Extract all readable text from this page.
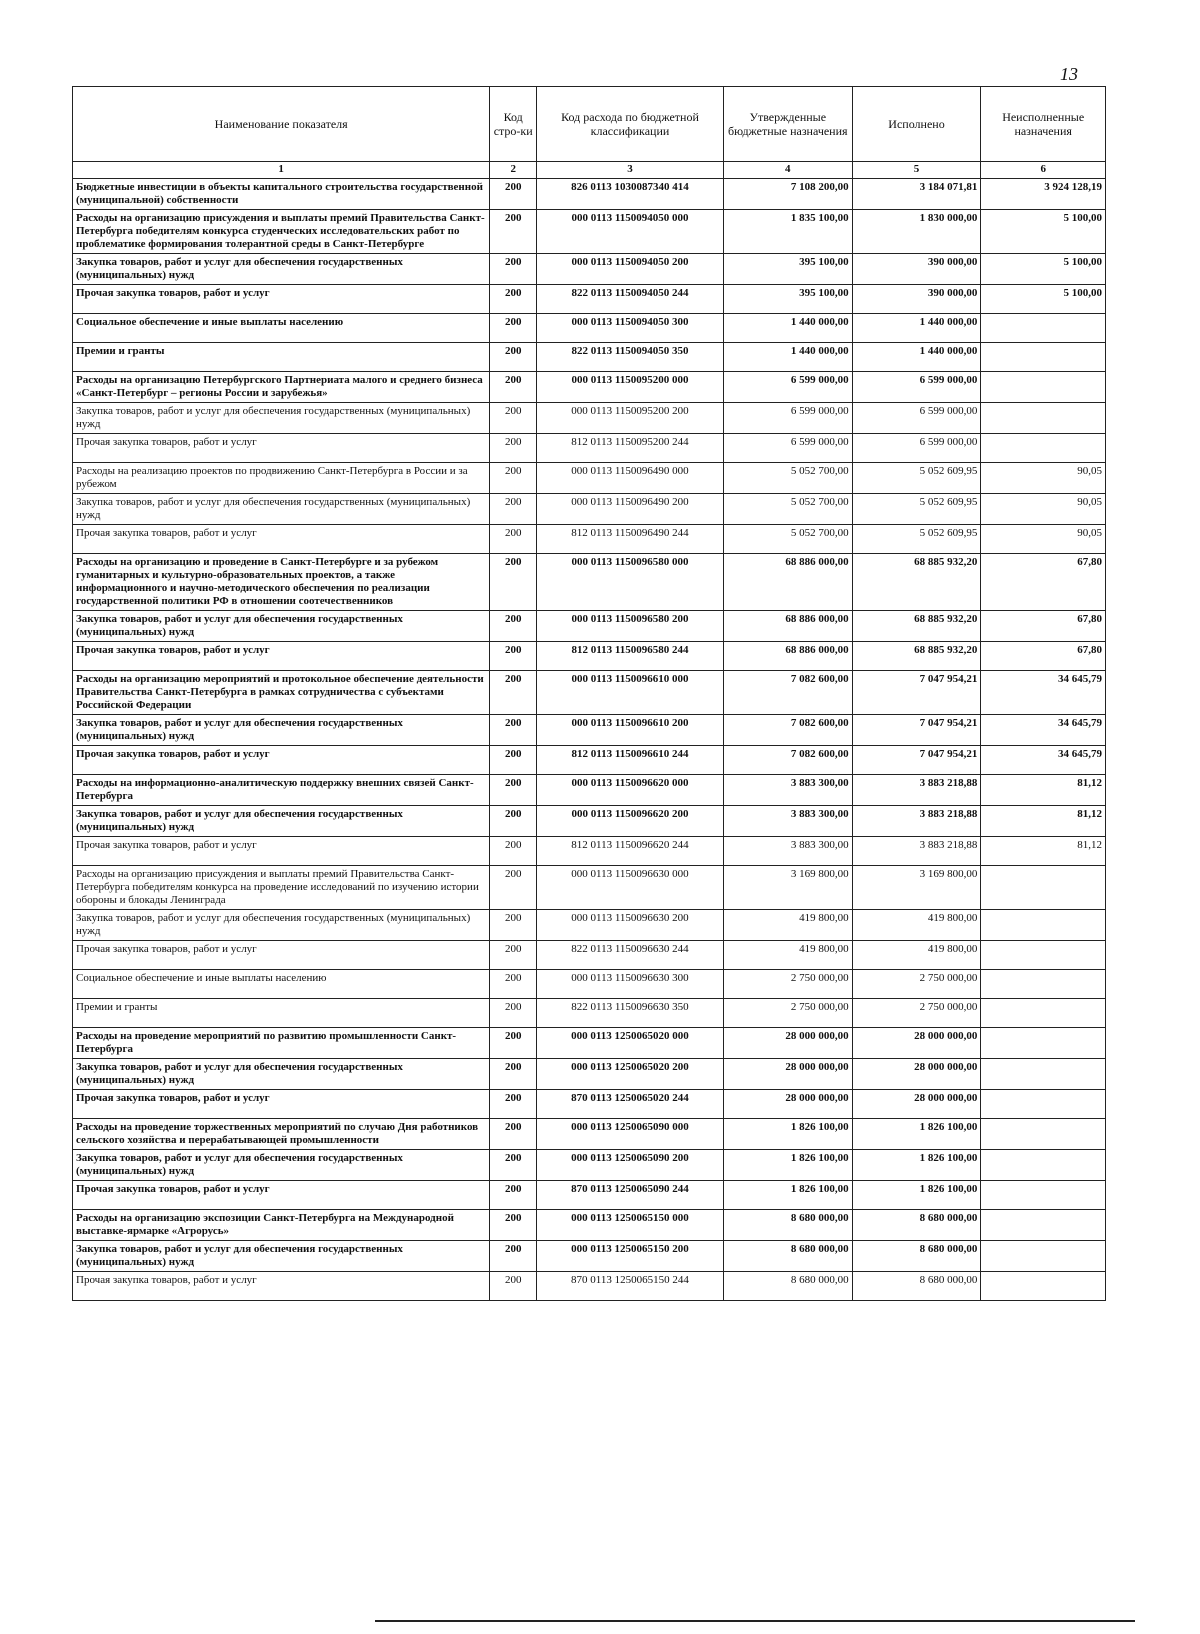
13
Наименование показателя	Код стро-ки	Код расхода по бюджетной классификации	Утвержденные бюджетные назначения	Исполнено	Неисполненные назначения
1	2	3	4	5	6
Бюджетные инвестиции в объекты капитального строительства государственной (муниципальной) собственности	200	826 0113 1030087340 414	7 108 200,00	3 184 071,81	3 924 128,19
Расходы на организацию присуждения и выплаты премий Правительства Санкт-Петербурга победителям конкурса студенческих исследовательских работ по проблематике формирования толерантной среды в Санкт-Петербурге	200	000 0113 1150094050 000	1 835 100,00	1 830 000,00	5 100,00
Закупка товаров, работ и услуг для обеспечения государственных (муниципальных) нужд	200	000 0113 1150094050 200	395 100,00	390 000,00	5 100,00
Прочая закупка товаров, работ и услуг	200	822 0113 1150094050 244	395 100,00	390 000,00	5 100,00
Социальное обеспечение и иные выплаты населению	200	000 0113 1150094050 300	1 440 000,00	1 440 000,00	
Премии и гранты	200	822 0113 1150094050 350	1 440 000,00	1 440 000,00	
Расходы на организацию Петербургского Партнериата малого и среднего бизнеса «Санкт-Петербург – регионы России и зарубежья»	200	000 0113 1150095200 000	6 599 000,00	6 599 000,00	
Закупка товаров, работ и услуг для обеспечения государственных (муниципальных) нужд	200	000 0113 1150095200 200	6 599 000,00	6 599 000,00	
Прочая закупка товаров, работ и услуг	200	812 0113 1150095200 244	6 599 000,00	6 599 000,00	
Расходы на реализацию проектов по продвижению Санкт-Петербурга в России и за рубежом	200	000 0113 1150096490 000	5 052 700,00	5 052 609,95	90,05
Закупка товаров, работ и услуг для обеспечения государственных (муниципальных) нужд	200	000 0113 1150096490 200	5 052 700,00	5 052 609,95	90,05
Прочая закупка товаров, работ и услуг	200	812 0113 1150096490 244	5 052 700,00	5 052 609,95	90,05
Расходы на организацию и проведение в Санкт-Петербурге и за рубежом гуманитарных и культурно-образовательных проектов, а также информационного и научно-методического обеспечения по реализации государственной политики РФ в отношении соотечественников	200	000 0113 1150096580 000	68 886 000,00	68 885 932,20	67,80
Закупка товаров, работ и услуг для обеспечения государственных (муниципальных) нужд	200	000 0113 1150096580 200	68 886 000,00	68 885 932,20	67,80
Прочая закупка товаров, работ и услуг	200	812 0113 1150096580 244	68 886 000,00	68 885 932,20	67,80
Расходы на организацию мероприятий и протокольное обеспечение деятельности Правительства Санкт-Петербурга в рамках сотрудничества с субъектами Российской Федерации	200	000 0113 1150096610 000	7 082 600,00	7 047 954,21	34 645,79
Закупка товаров, работ и услуг для обеспечения государственных (муниципальных) нужд	200	000 0113 1150096610 200	7 082 600,00	7 047 954,21	34 645,79
Прочая закупка товаров, работ и услуг	200	812 0113 1150096610 244	7 082 600,00	7 047 954,21	34 645,79
Расходы на информационно-аналитическую поддержку внешних связей Санкт-Петербурга	200	000 0113 1150096620 000	3 883 300,00	3 883 218,88	81,12
Закупка товаров, работ и услуг для обеспечения государственных (муниципальных) нужд	200	000 0113 1150096620 200	3 883 300,00	3 883 218,88	81,12
Прочая закупка товаров, работ и услуг	200	812 0113 1150096620 244	3 883 300,00	3 883 218,88	81,12
Расходы на организацию присуждения и выплаты премий Правительства Санкт-Петербурга победителям конкурса на проведение исследований по изучению истории обороны и блокады Ленинграда	200	000 0113 1150096630 000	3 169 800,00	3 169 800,00	
Закупка товаров, работ и услуг для обеспечения государственных (муниципальных) нужд	200	000 0113 1150096630 200	419 800,00	419 800,00	
Прочая закупка товаров, работ и услуг	200	822 0113 1150096630 244	419 800,00	419 800,00	
Социальное обеспечение и иные выплаты населению	200	000 0113 1150096630 300	2 750 000,00	2 750 000,00	
Премии и гранты	200	822 0113 1150096630 350	2 750 000,00	2 750 000,00	
Расходы на проведение мероприятий по развитию промышленности Санкт-Петербурга	200	000 0113 1250065020 000	28 000 000,00	28 000 000,00	
Закупка товаров, работ и услуг для обеспечения государственных (муниципальных) нужд	200	000 0113 1250065020 200	28 000 000,00	28 000 000,00	
Прочая закупка товаров, работ и услуг	200	870 0113 1250065020 244	28 000 000,00	28 000 000,00	
Расходы на проведение торжественных мероприятий по случаю Дня работников сельского хозяйства и перерабатывающей промышленности	200	000 0113 1250065090 000	1 826 100,00	1 826 100,00	
Закупка товаров, работ и услуг для обеспечения государственных (муниципальных) нужд	200	000 0113 1250065090 200	1 826 100,00	1 826 100,00	
Прочая закупка товаров, работ и услуг	200	870 0113 1250065090 244	1 826 100,00	1 826 100,00	
Расходы на организацию экспозиции Санкт-Петербурга на Международной выставке-ярмарке «Агрорусь»	200	000 0113 1250065150 000	8 680 000,00	8 680 000,00	
Закупка товаров, работ и услуг для обеспечения государственных (муниципальных) нужд	200	000 0113 1250065150 200	8 680 000,00	8 680 000,00	
Прочая закупка товаров, работ и услуг	200	870 0113 1250065150 244	8 680 000,00	8 680 000,00	
